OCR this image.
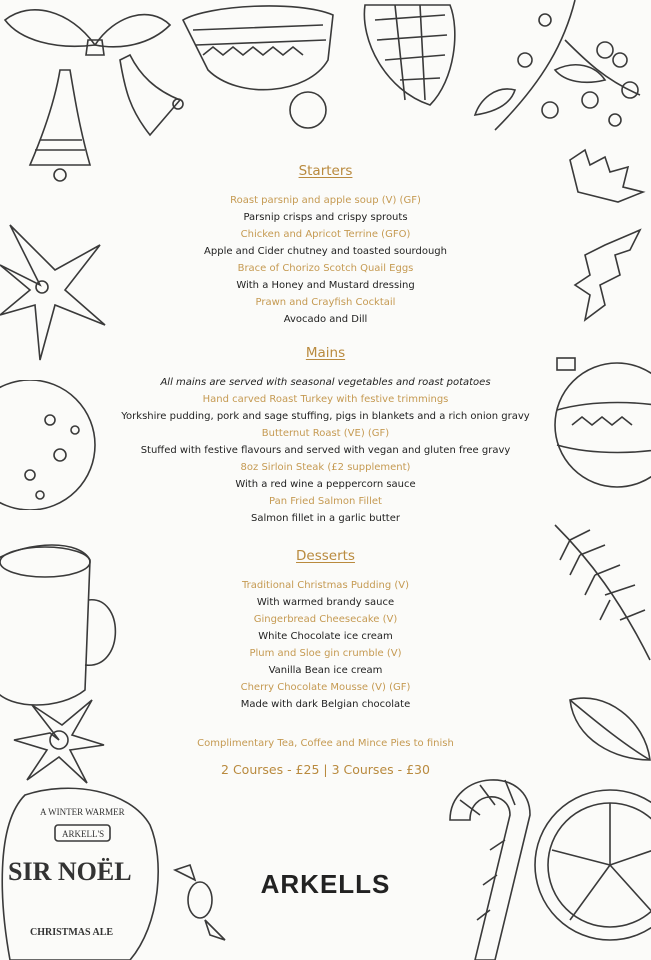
A WINTER WARMER
ARKELL'S
SIR NOËL
CHRISTMAS ALE
Starters
Roast parsnip and apple soup (V) (GF)
Parsnip crisps and crispy sprouts
Chicken and Apricot Terrine (GFO)
Apple and Cider chutney and toasted sourdough
Brace of Chorizo Scotch Quail Eggs
With a Honey and Mustard dressing
Prawn and Crayfish Cocktail
Avocado and Dill
Mains
All mains are served with seasonal vegetables and roast potatoes
Hand carved Roast Turkey with festive trimmings
Yorkshire pudding, pork and sage stuffing, pigs in blankets and a rich onion gravy
Butternut Roast (VE) (GF)
Stuffed with festive flavours and served with vegan and gluten free gravy
8oz Sirloin Steak (£2 supplement)
With a red wine a peppercorn sauce
Pan Fried Salmon Fillet
Salmon fillet in a garlic butter
Desserts
Traditional Christmas Pudding (V)
With warmed brandy sauce
Gingerbread Cheesecake (V)
White Chocolate ice cream
Plum and Sloe gin crumble (V)
Vanilla Bean ice cream
Cherry Chocolate Mousse (V) (GF)
Made with dark Belgian chocolate
Complimentary Tea, Coffee and Mince Pies to finish
2 Courses - £25 | 3 Courses - £30
ARKELLS
